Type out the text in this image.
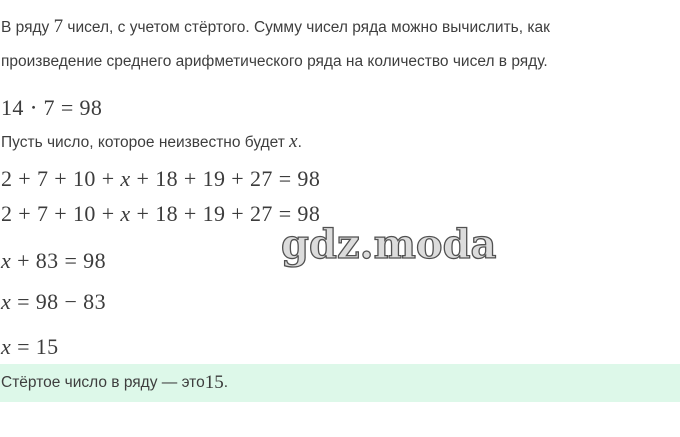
В ряду 7 чисел, с учетом стёртого. Сумму чисел ряда можно вычислить, как
произведение среднего арифметического ряда на количество чисел в ряду.
14 ⋅ 7 = 98
Пусть число, которое неизвестно будет x.
2 + 7 + 10 + x + 18 + 19 + 27 = 98
2 + 7 + 10 + x + 18 + 19 + 27 = 98
x + 83 = 98
x = 98 − 83
x = 15
gdz.moda
Стёртое число в ряду — это 15 .
